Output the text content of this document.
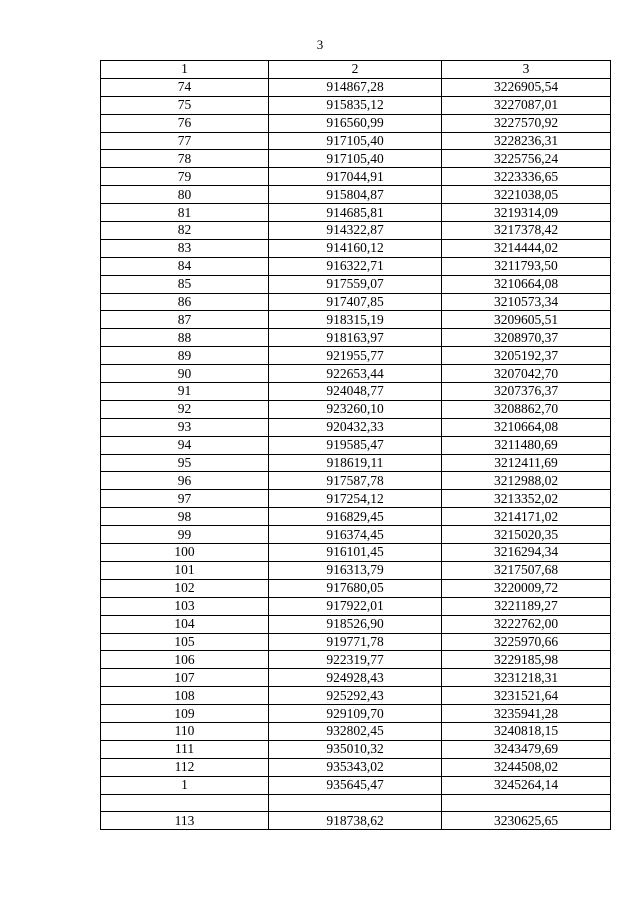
3
1	2	3
74	914867,28	3226905,54
75	915835,12	3227087,01
76	916560,99	3227570,92
77	917105,40	3228236,31
78	917105,40	3225756,24
79	917044,91	3223336,65
80	915804,87	3221038,05
81	914685,81	3219314,09
82	914322,87	3217378,42
83	914160,12	3214444,02
84	916322,71	3211793,50
85	917559,07	3210664,08
86	917407,85	3210573,34
87	918315,19	3209605,51
88	918163,97	3208970,37
89	921955,77	3205192,37
90	922653,44	3207042,70
91	924048,77	3207376,37
92	923260,10	3208862,70
93	920432,33	3210664,08
94	919585,47	3211480,69
95	918619,11	3212411,69
96	917587,78	3212988,02
97	917254,12	3213352,02
98	916829,45	3214171,02
99	916374,45	3215020,35
100	916101,45	3216294,34
101	916313,79	3217507,68
102	917680,05	3220009,72
103	917922,01	3221189,27
104	918526,90	3222762,00
105	919771,78	3225970,66
106	922319,77	3229185,98
107	924928,43	3231218,31
108	925292,43	3231521,64
109	929109,70	3235941,28
110	932802,45	3240818,15
111	935010,32	3243479,69
112	935343,02	3244508,02
1	935645,47	3245264,14

113	918738,62	3230625,65
